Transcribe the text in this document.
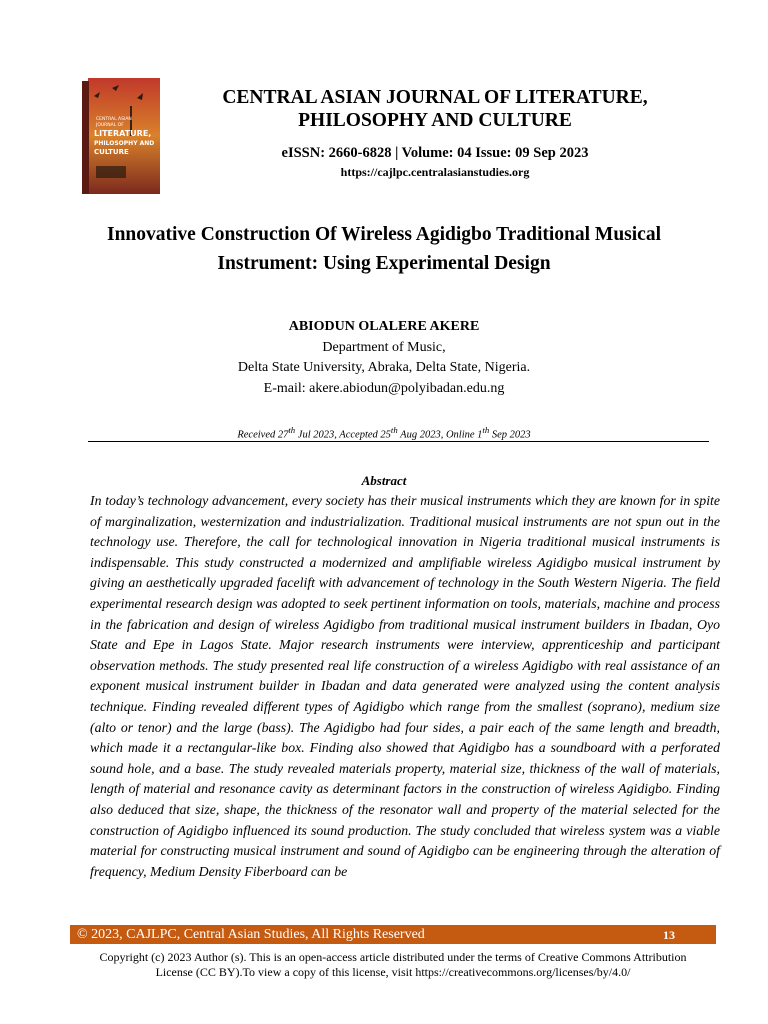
CENTRAL ASIAN
JOURNAL OF
LITERATURE,
PHILOSOPHY AND
CULTURE
CENTRAL ASIAN JOURNAL OF LITERATURE,
PHILOSOPHY AND CULTURE
eISSN: 2660-6828 | Volume: 04 Issue: 09 Sep 2023
https://cajlpc.centralasianstudies.org
Innovative Construction Of Wireless Agidigbo Traditional Musical
Instrument: Using Experimental Design
ABIODUN OLALERE AKERE
Department of Music,
Delta State University, Abraka, Delta State, Nigeria.
E-mail: akere.abiodun@polyibadan.edu.ng
Received 27th Jul 2023, Accepted 25th Aug 2023, Online 1th Sep 2023
Abstract

In today’s technology advancement, every society has their musical instruments which they are known for in spite of marginalization, westernization and industrialization. Traditional musical instruments are not spun out in the technology use. Therefore, the call for technological innovation in Nigeria traditional musical instruments is indispensable. This study constructed a modernized and amplifiable wireless Agidigbo musical instrument by giving an aesthetically upgraded facelift with advancement of technology in the South Western Nigeria. The field experimental research design was adopted to seek pertinent information on tools, materials, machine and process in the fabrication and design of wireless Agidigbo from traditional musical instrument builders in Ibadan, Oyo State and Epe in Lagos State. Major research instruments were interview, apprenticeship and participant observation methods. The study presented real life construction of a wireless Agidigbo with real assistance of an exponent musical instrument builder in Ibadan and data generated were analyzed using the content analysis technique. Finding revealed different types of Agidigbo which range from the smallest (soprano), medium size (alto or tenor) and the large (bass). The Agidigbo had four sides, a pair each of the same length and breadth, which made it a rectangular-like box. Finding also showed that Agidigbo has a soundboard with a perforated sound hole, and a base. The study revealed materials property, material size, thickness of the wall of materials, length of material and resonance cavity as determinant factors in the construction of wireless Agidigbo. Finding also deduced that size, shape, the thickness of the resonator wall and property of the material selected for the construction of Agidigbo influenced its sound production. The study concluded that wireless system was a viable material for constructing musical instrument and sound of Agidigbo can be engineering through the alteration of frequency, Medium Density Fiberboard can be

© 2023, CAJLPC, Central Asian Studies, All Rights Reserved	13
Copyright (c) 2023 Author (s). This is an open-access article distributed under the terms of Creative Commons Attribution
License (CC BY).To view a copy of this license, visit https://creativecommons.org/licenses/by/4.0/
